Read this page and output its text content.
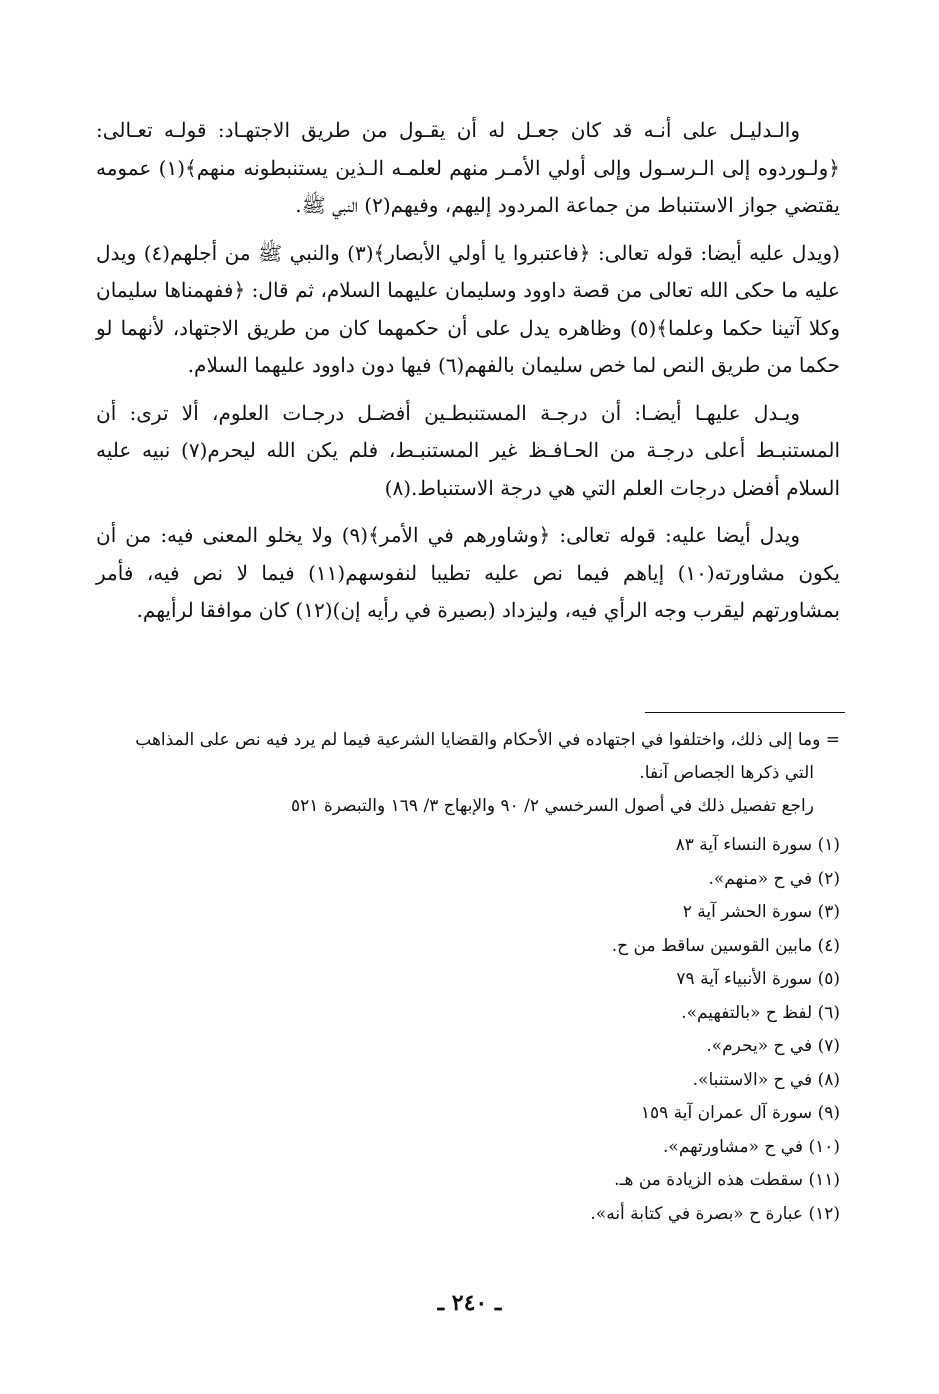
والـدليـل على أنـه قد كان جعـل له أن يقـول من طريق الاجتهـاد: قولـه تعـالى: ﴿ولـوردوه إلى الـرسـول وإلى أولي الأمـر منهم لعلمـه الـذين يستنبطونه منهم﴾(١) عمومه يقتضي جواز الاستنباط من جماعة المردود إليهم، وفيهم(٢) النبي ﷺ.

(ويدل عليه أيضا: قوله تعالى: ﴿فاعتبروا يا أولي الأبصار﴾(٣) والنبي ﷺ من أجلهم(٤) ويدل عليه ما حكى الله تعالى من قصة داوود وسليمان عليهما السلام، ثم قال: ﴿ففهمناها سليمان وكلا آتينا حكما وعلما﴾(٥) وظاهره يدل على أن حكمهما كان من طريق الاجتهاد، لأنهما لو حكما من طريق النص لما خص سليمان بالفهم(٦) فيها دون داوود عليهما السلام.

ويـدل عليهـا أيضـا: أن درجـة المستنبطـين أفضـل درجـات العلوم، ألا ترى: أن المستنبـط أعلى درجـة من الحـافـظ غير المستنبـط، فلم يكن الله ليحرم(٧) نبيه عليه السلام أفضل درجات العلم التي هي درجة الاستنباط.(٨)

ويدل أيضا عليه: قوله تعالى: ﴿وشاورهم في الأمر﴾(٩) ولا يخلو المعنى فيه: من أن يكون مشاورته(١٠) إياهم فيما نص عليه تطيبا لنفوسهم(١١) فيما لا نص فيه، فأمر بمشاورتهم ليقرب وجه الرأي فيه، وليزداد (بصيرة في رأيه إن)(١٢) كان موافقا لرأيهم.

= وما إلى ذلك، واختلفوا في اجتهاده في الأحكام والقضايا الشرعية فيما لم يرد فيه نص على المذاهب

التي ذكرها الجصاص آنفا.

راجع تفصيل ذلك في أصول السرخسي ٢/ ٩٠ والإبهاج ٣/ ١٦٩ والتبصرة ٥٢١

(١) سورة النساء آية ٨٣
(٢) في ح «منهم».
(٣) سورة الحشر آية ٢
(٤) مابين القوسين ساقط من ح.
(٥) سورة الأنبياء آية ٧٩
(٦) لفظ ح «بالتفهيم».
(٧) في ح «يحرم».
(٨) في ح «الاستنبا».
(٩) سورة آل عمران آية ١٥٩
(١٠) في ح «مشاورتهم».
(١١) سقطت هذه الزيادة من هـ.
(١٢) عبارة ح «بصرة في كتابة أنه».
ـ ٢٤٠ ـ
